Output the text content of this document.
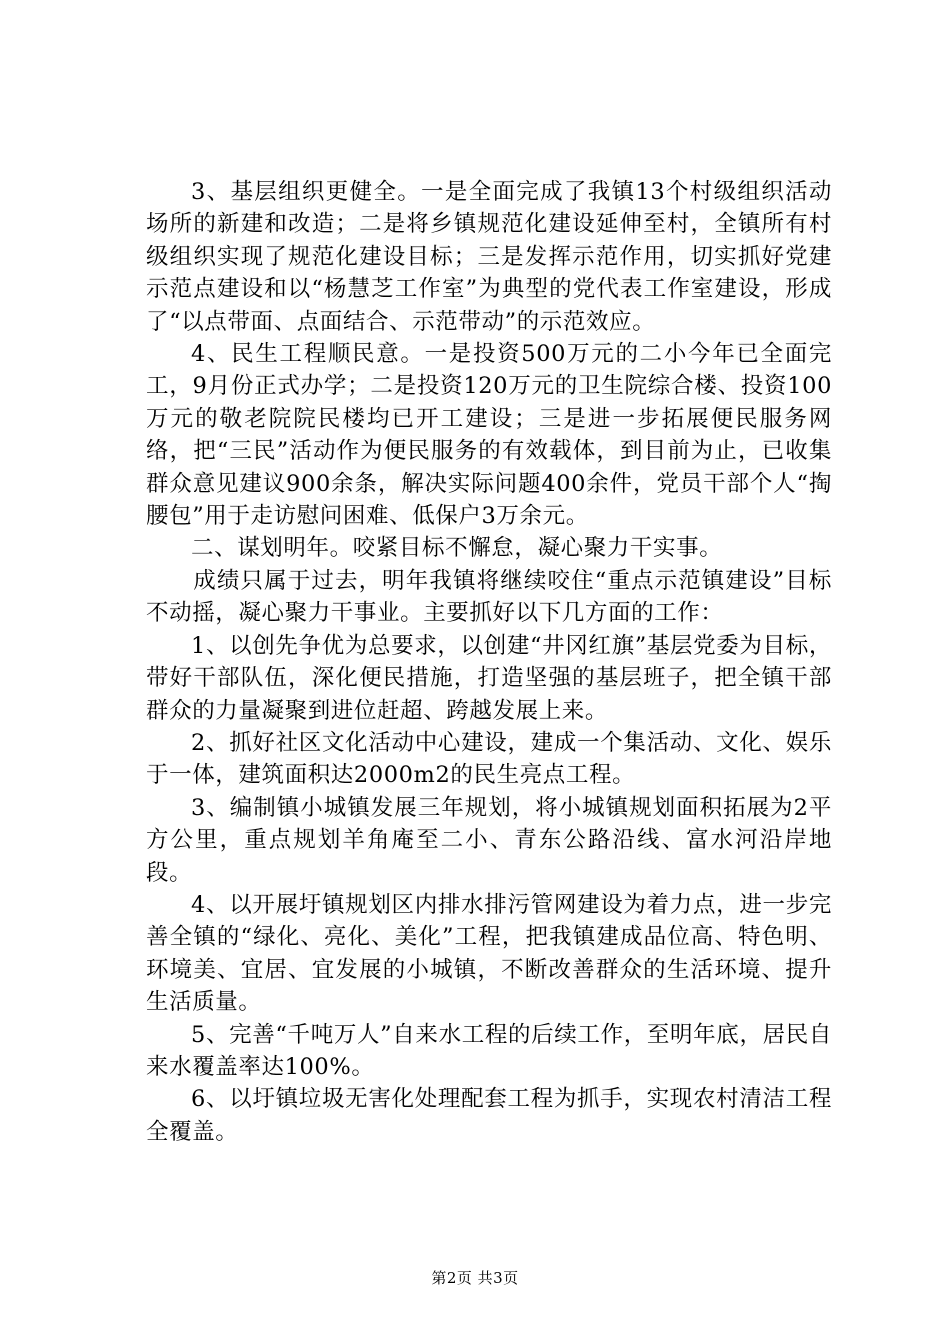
3、基层组织更健全。一是全面完成了我镇13个村级组织活动场所的新建和改造；二是将乡镇规范化建设延伸至村，全镇所有村级组织实现了规范化建设目标；三是发挥示范作用，切实抓好党建示范点建设和以“杨慧芝工作室”为典型的党代表工作室建设，形成了“以点带面、点面结合、示范带动”的示范效应。

4、民生工程顺民意。一是投资500万元的二小今年已全面完工，9月份正式办学；二是投资120万元的卫生院综合楼、投资100万元的敬老院院民楼均已开工建设；三是进一步拓展便民服务网络，把“三民”活动作为便民服务的有效载体，到目前为止，已收集群众意见建议900余条，解决实际问题400余件，党员干部个人“掏腰包”用于走访慰问困难、低保户3万余元。

二、谋划明年。咬紧目标不懈怠，凝心聚力干实事。

成绩只属于过去，明年我镇将继续咬住“重点示范镇建设”目标不动摇，凝心聚力干事业。主要抓好以下几方面的工作：

1、以创先争优为总要求，以创建“井冈红旗”基层党委为目标，带好干部队伍，深化便民措施，打造坚强的基层班子，把全镇干部群众的力量凝聚到进位赶超、跨越发展上来。

2、抓好社区文化活动中心建设，建成一个集活动、文化、娱乐于一体，建筑面积达2000m2的民生亮点工程。

3、编制镇小城镇发展三年规划，将小城镇规划面积拓展为2平方公里，重点规划羊角庵至二小、青东公路沿线、富水河沿岸地段。

4、以开展圩镇规划区内排水排污管网建设为着力点，进一步完善全镇的“绿化、亮化、美化”工程，把我镇建成品位高、特色明、环境美、宜居、宜发展的小城镇，不断改善群众的生活环境、提升生活质量。

5、完善“千吨万人”自来水工程的后续工作，至明年底，居民自来水覆盖率达100%。

6、以圩镇垃圾无害化处理配套工程为抓手，实现农村清洁工程全覆盖。

第2页 共3页
